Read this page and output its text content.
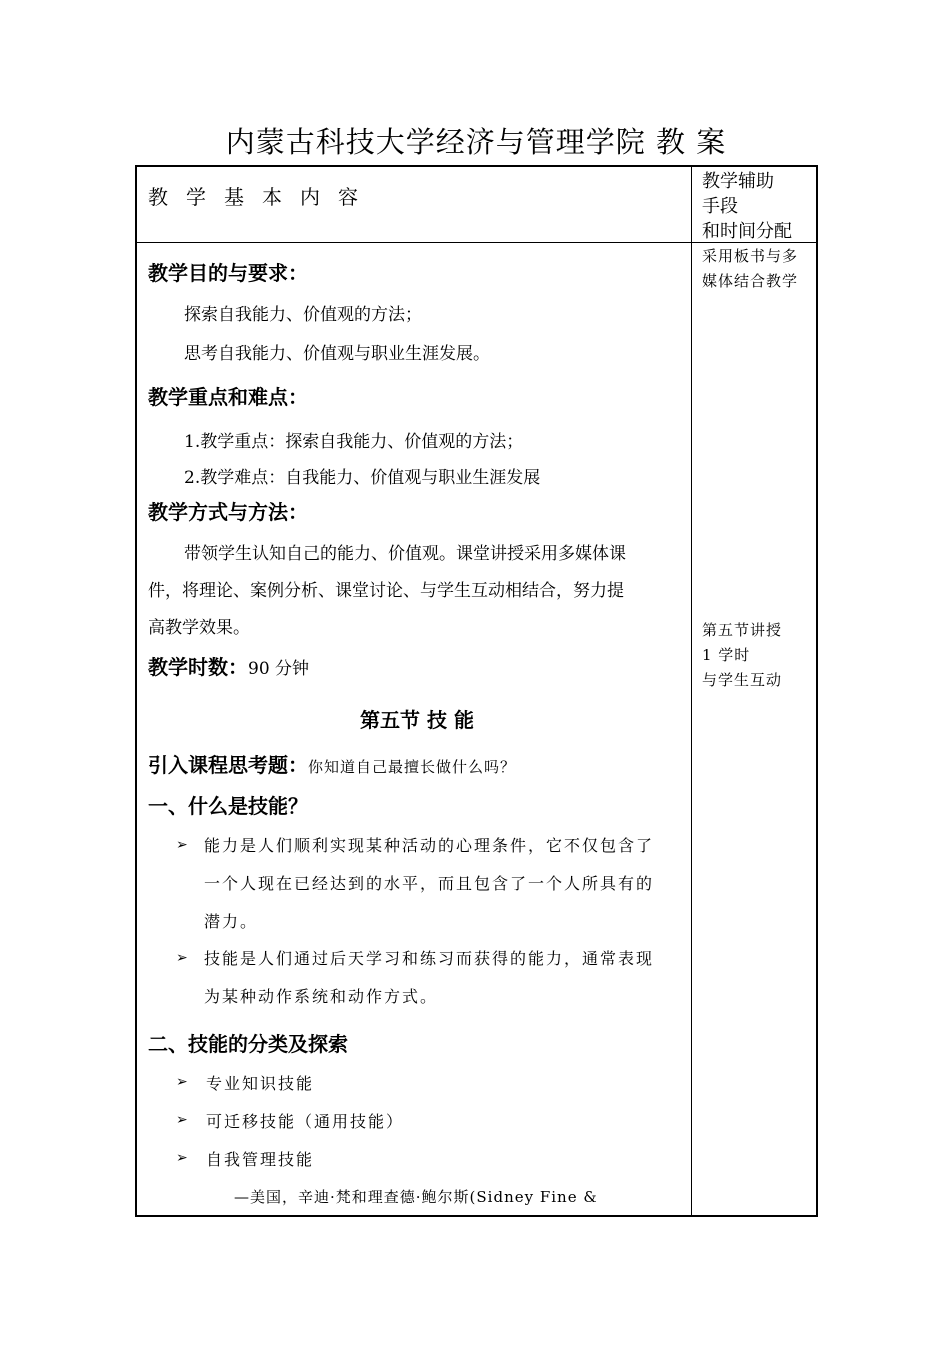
内蒙古科技大学经济与管理学院 教 案
教学基本内容
教学目的与要求：
探索自我能力、价值观的方法；
思考自我能力、价值观与职业生涯发展。
教学重点和难点：
1.教学重点：探索自我能力、价值观的方法；
2.教学难点：自我能力、价值观与职业生涯发展
教学方式与方法：
带领学生认知自己的能力、价值观。课堂讲授采用多媒体课
件，将理论、案例分析、课堂讨论、与学生互动相结合，努力提
高教学效果。
教学时数：90 分钟
第五节 技 能
引入课程思考题：你知道自己最擅长做什么吗？
一、什么是技能？
➢ 能力是人们顺利实现某种活动的心理条件，它不仅包含了
一个人现在已经达到的水平，而且包含了一个人所具有的
潜力。
➢ 技能是人们通过后天学习和练习而获得的能力，通常表现
为某种动作系统和动作方式。
二、技能的分类及探索
➢ 专业知识技能
➢ 可迁移技能（通用技能）
➢ 自我管理技能
—美国，辛迪·梵和理查德·鲍尔斯(Sidney Fine &
教学辅助
手段
和时间分配
采用板书与多
媒体结合教学
第五节讲授
1 学时
与学生互动
